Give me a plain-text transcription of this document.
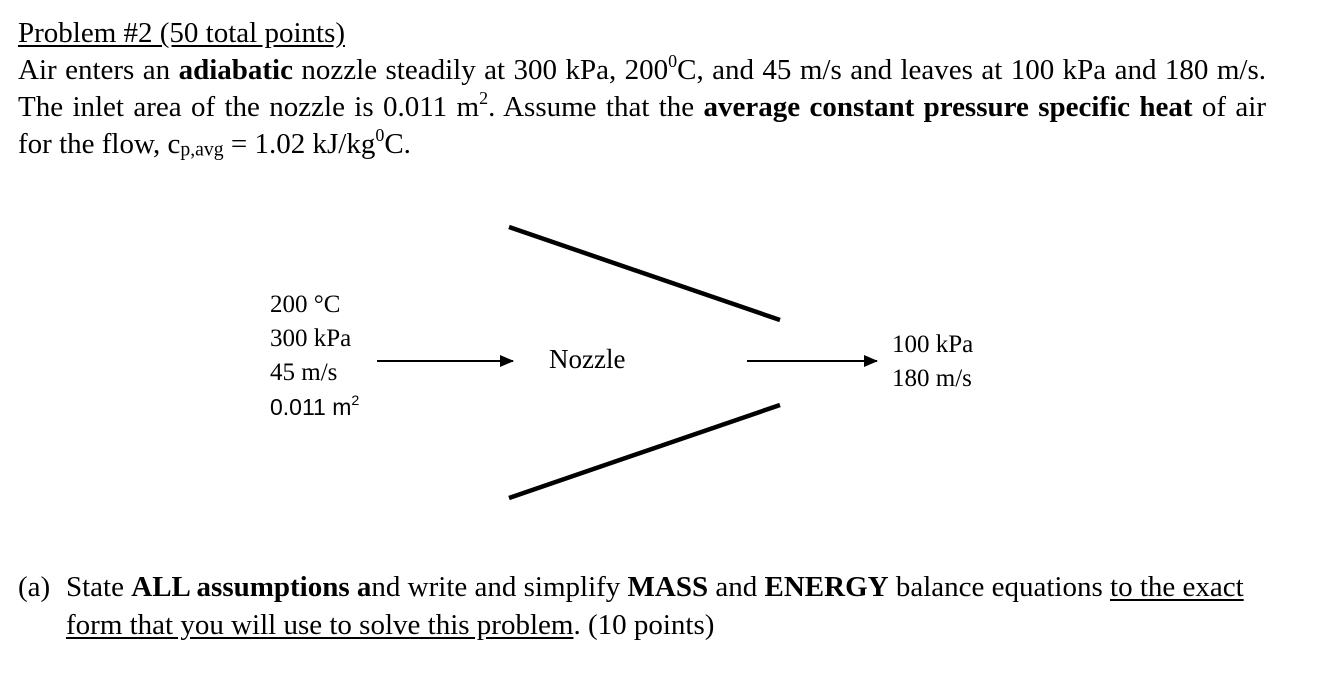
Problem #2 (50 total points)
Air enters an adiabatic nozzle steadily at 300 kPa, $200^0C$, and 45 m/s and leaves at 100 kPa and 180 m/s. The inlet area of the nozzle is 0.011 $m^2$. Assume that the average constant pressure specific heat of air for the flow, $c_{p,avg} = 1.02$ $kJ/kg^0C$.
200 °C
300 kPa
45 m/s
0.011 $m^2$
Nozzle	100 kPa
180 m/s
(a) State ALL assumptions and write and simplify MASS and ENERGY balance equations to the exact form that you will use to solve this problem. (10 points)
